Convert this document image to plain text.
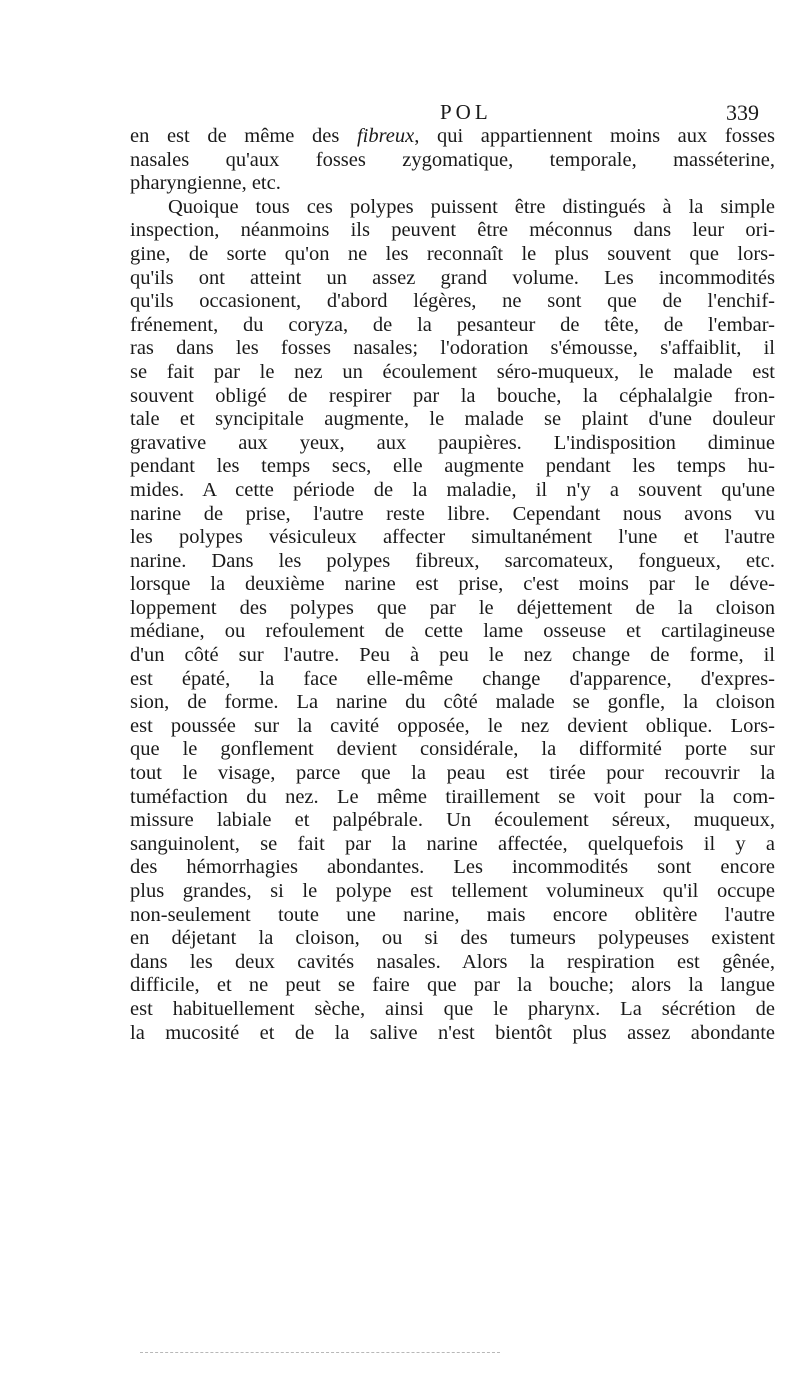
POL	339
en est de même des fibreux, qui appartiennent moins aux fosses
nasales qu'aux fosses zygomatique, temporale, masséterine,
pharyngienne, etc.
Quoique tous ces polypes puissent être distingués à la simple
inspection, néanmoins ils peuvent être méconnus dans leur ori-
gine, de sorte qu'on ne les reconnaît le plus souvent que lors-
qu'ils ont atteint un assez grand volume. Les incommodités
qu'ils occasionent, d'abord légères, ne sont que de l'enchif-
frénement, du coryza, de la pesanteur de tête, de l'embar-
ras dans les fosses nasales; l'odoration s'émousse, s'affaiblit, il
se fait par le nez un écoulement séro-muqueux, le malade est
souvent obligé de respirer par la bouche, la céphalalgie fron-
tale et syncipitale augmente, le malade se plaint d'une douleur
gravative aux yeux, aux paupières. L'indisposition diminue
pendant les temps secs, elle augmente pendant les temps hu-
mides. A cette période de la maladie, il n'y a souvent qu'une
narine de prise, l'autre reste libre. Cependant nous avons vu
les polypes vésiculeux affecter simultanément l'une et l'autre
narine. Dans les polypes fibreux, sarcomateux, fongueux, etc.
lorsque la deuxième narine est prise, c'est moins par le déve-
loppement des polypes que par le déjettement de la cloison
médiane, ou refoulement de cette lame osseuse et cartilagineuse
d'un côté sur l'autre. Peu à peu le nez change de forme, il
est épaté, la face elle-même change d'apparence, d'expres-
sion, de forme. La narine du côté malade se gonfle, la cloison
est poussée sur la cavité opposée, le nez devient oblique. Lors-
que le gonflement devient considérale, la difformité porte sur
tout le visage, parce que la peau est tirée pour recouvrir la
tuméfaction du nez. Le même tiraillement se voit pour la com-
missure labiale et palpébrale. Un écoulement séreux, muqueux,
sanguinolent, se fait par la narine affectée, quelquefois il y a
des hémorrhagies abondantes. Les incommodités sont encore
plus grandes, si le polype est tellement volumineux qu'il occupe
non-seulement toute une narine, mais encore oblitère l'autre
en déjetant la cloison, ou si des tumeurs polypeuses existent
dans les deux cavités nasales. Alors la respiration est gênée,
difficile, et ne peut se faire que par la bouche; alors la langue
est habituellement sèche, ainsi que le pharynx. La sécrétion de
la mucosité et de la salive n'est bientôt plus assez abondante
